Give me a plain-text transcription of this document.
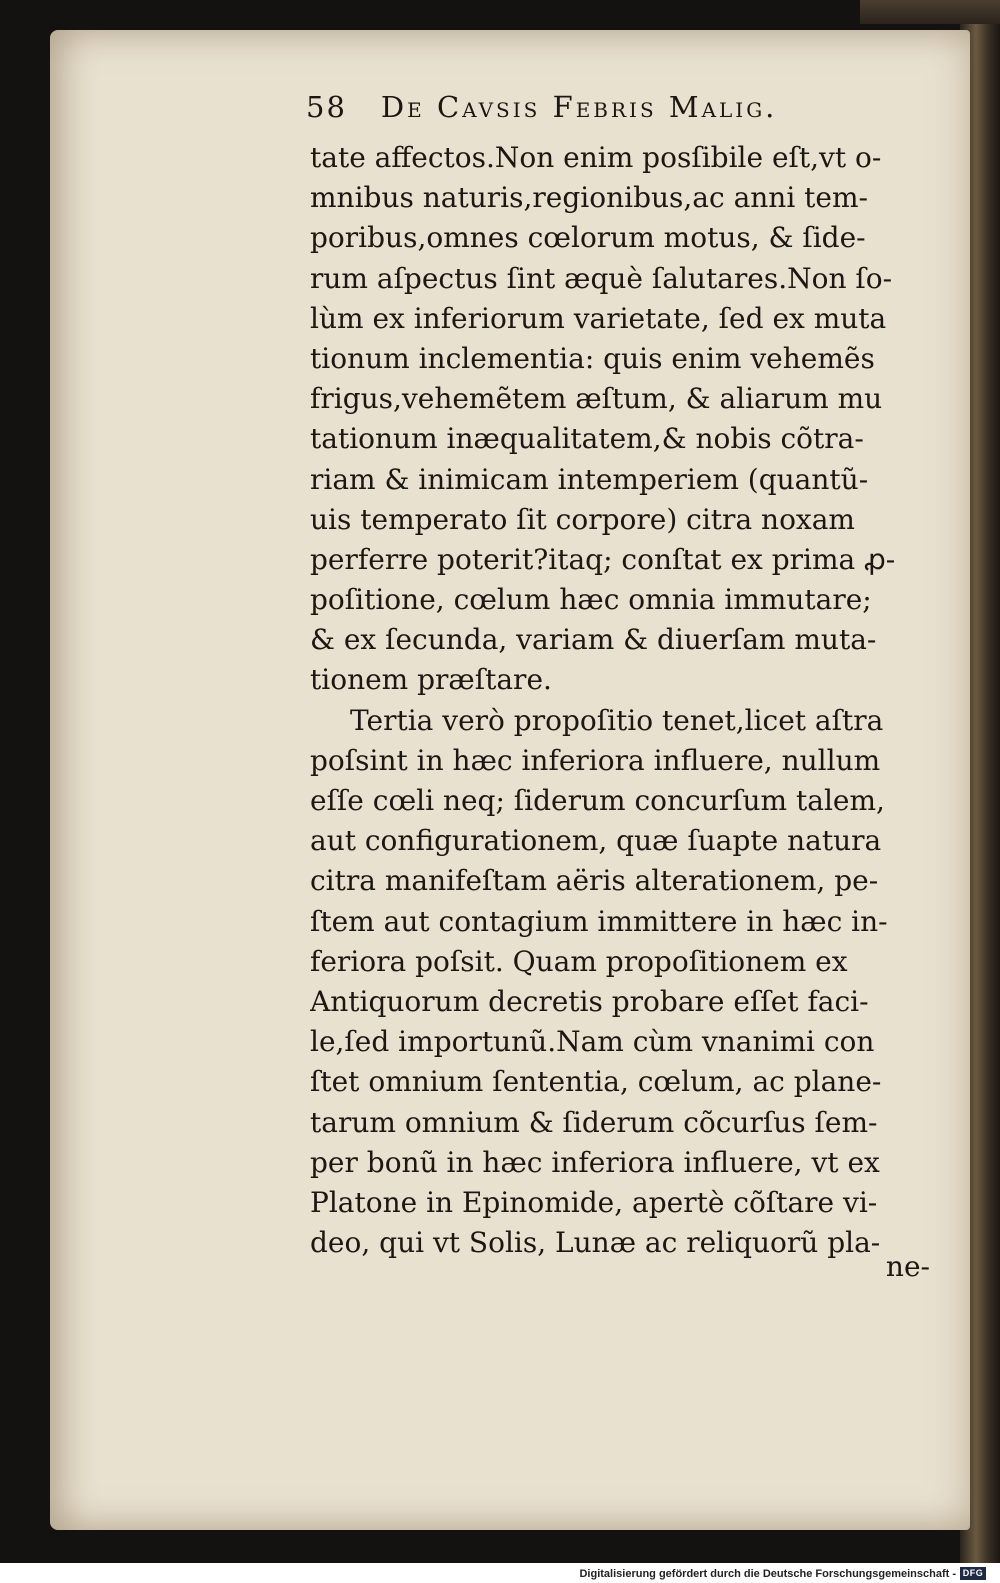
58 De Cavsis Febris Malig.
tate affectos.Non enim posſibile eſt,vt o-
mnibus naturis,regionibus,ac anni tem-
poribus,omnes cœlorum motus, & ſide-
rum aſpectus ſint æquè ſalutares.Non ſo-
lùm ex inferiorum varietate, ſed ex muta
tionum inclementia: quis enim vehemẽs
frigus,vehemẽtem æſtum, & aliarum mu
tationum inæqualitatem,& nobis cõtra-
riam & inimicam intemperiem (quantũ-
uis temperato ſit corpore) citra noxam
perferre poterit?itaq; conſtat ex prima ꝓ-
poſitione, cœlum hæc omnia immutare;
& ex ſecunda, variam & diuerſam muta-
tionem præſtare.
Tertia verò propoſitio tenet,licet aſtra
poſsint in hæc inferiora influere, nullum
eſſe cœli neq; ſiderum concurſum talem,
aut configurationem, quæ ſuapte natura
citra manifeſtam aëris alterationem, pe-
ſtem aut contagium immittere in hæc in-
feriora poſsit. Quam propoſitionem ex
Antiquorum decretis probare eſſet faci-
le,ſed importunũ.Nam cùm vnanimi con
ſtet omnium ſententia, cœlum, ac plane-
tarum omnium & ſiderum cõcurſus ſem-
per bonũ in hæc inferiora influere, vt ex
Platone in Epinomide, apertè cõſtare vi-
deo, qui vt Solis, Lunæ ac reliquorũ pla-
ne-
Digitalisierung gefördert durch die Deutsche Forschungsgemeinschaft - DFG
